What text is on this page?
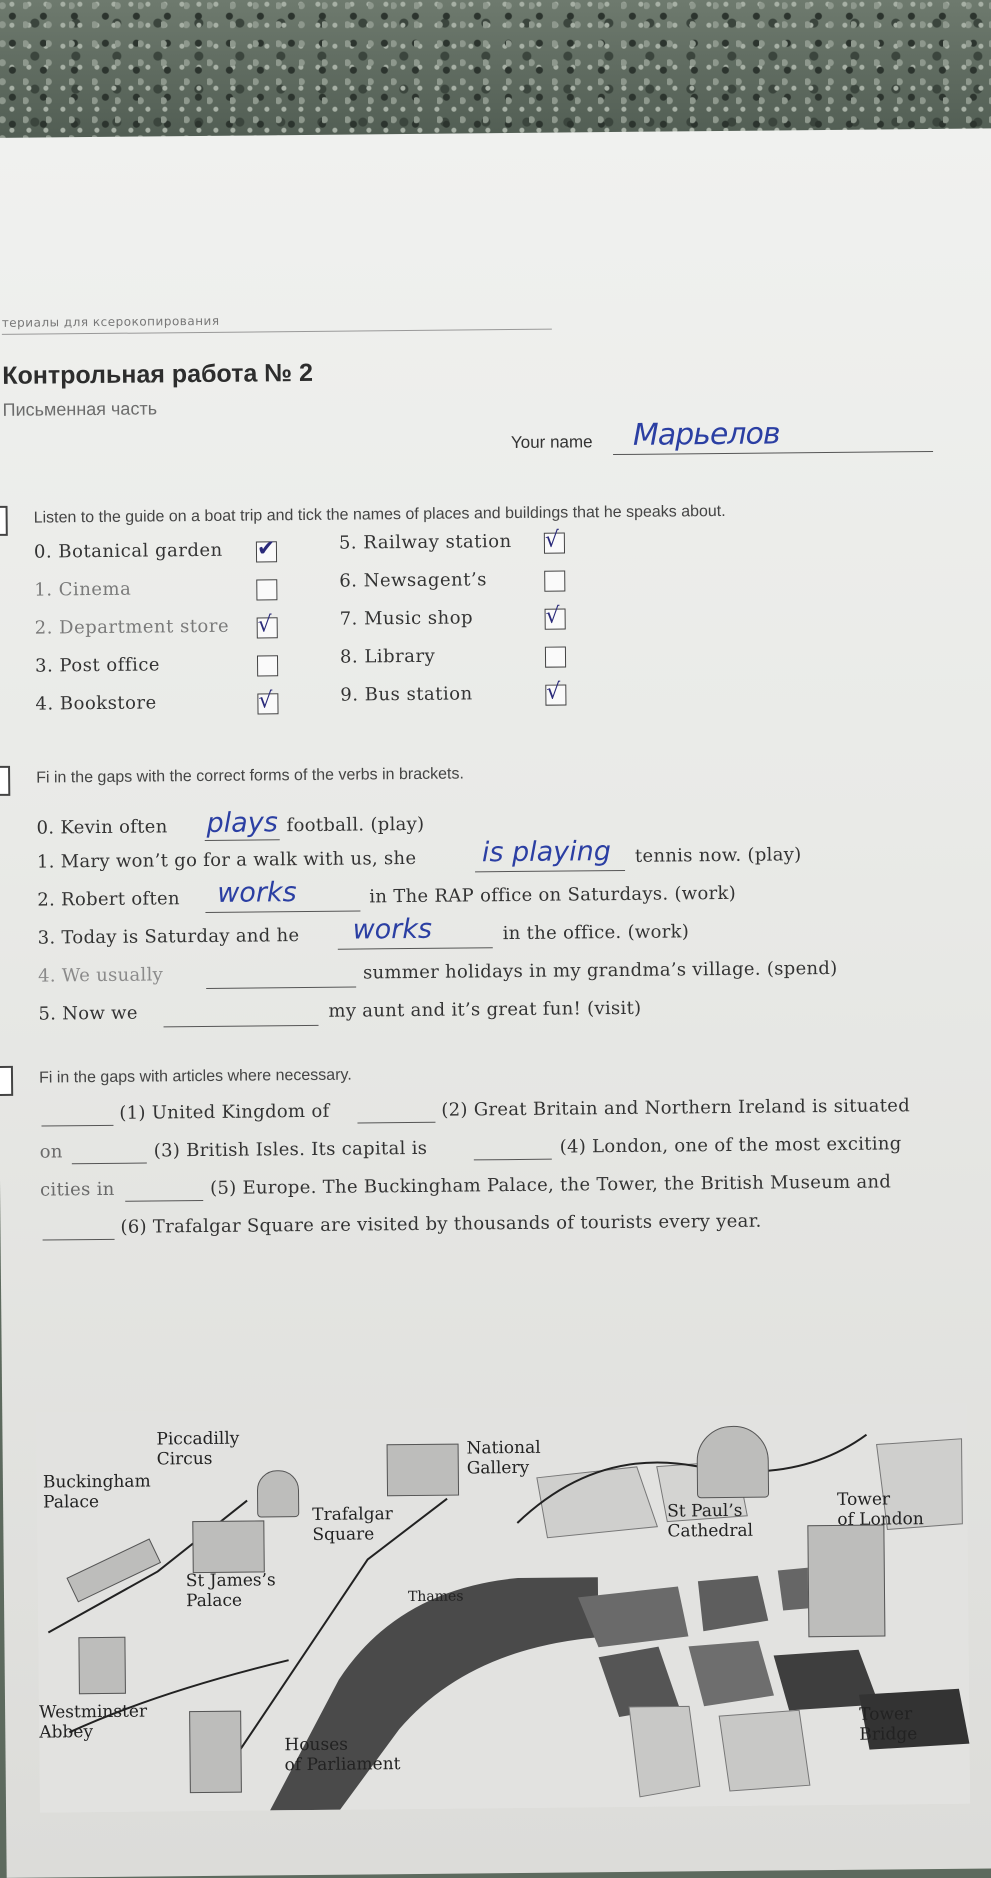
териалы для ксерокопирования
Контрольная работа № 2
Письменная часть
Your name Марьелов
Listen to the guide on a boat trip and tick the names of places and buildings that he speaks about.
0. Botanical garden ✔
1. Cinema
2. Department store √
3. Post office
4. Bookstore	√
5. Railway station √
6. Newsagent’s
7. Music shop	√
8. Library
9. Bus station	√
Fi in the gaps with the correct forms of the verbs in brackets.
0. Kevin often plays football. (play)
1. Mary won’t go for a walk with us, she is playing tennis now. (play)
2. Robert often works	in The RAP office on Saturdays. (work)
3. Today is Saturday and he works	in the office. (work)
4. We usually	summer holidays in my grandma’s village. (spend)
5. Now we	my aunt and it’s great fun! (visit)
Fi in the gaps with articles where necessary.
(1) United Kingdom of	(2) Great Britain and Northern Ireland is situated
on	(3) British Isles. Its capital is	(4) London, one of the most exciting
cities in	(5) Europe. The Buckingham Palace, the Tower, the British Museum and
(6) Trafalgar Square are visited by thousands of tourists every year.
Piccadilly
Circus
National
Gallery
Buckingham
Palace
Trafalgar
Square
St Paul’s
Cathedral
Tower
of London
St James’s
Palace	Thames
Westminster
Abbey
Houses
of Parliament
Tower
Bridge
